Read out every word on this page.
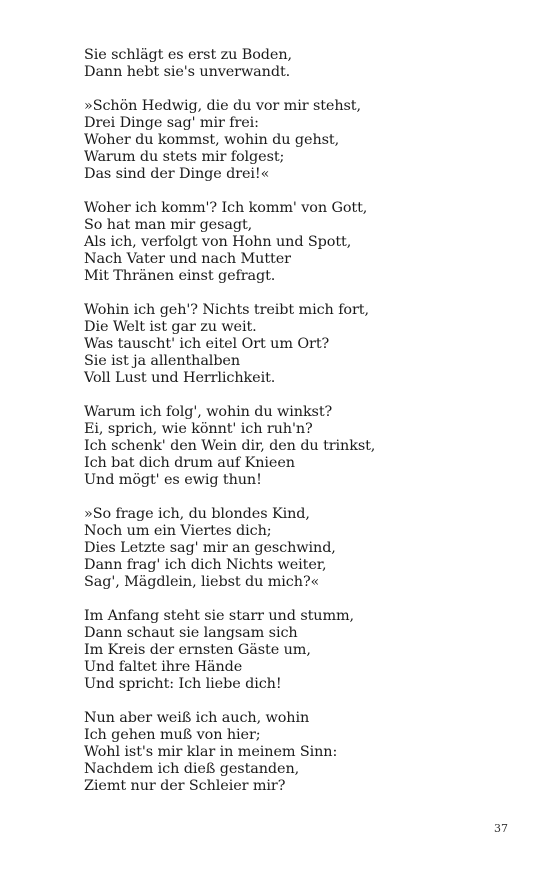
Sie schlägt es erst zu Boden,
Dann hebt sie's unverwandt.
»Schön Hedwig, die du vor mir stehst,
Drei Dinge sag' mir frei:
Woher du kommst, wohin du gehst,
Warum du stets mir folgest;
Das sind der Dinge drei!«
Woher ich komm'? Ich komm' von Gott,
So hat man mir gesagt,
Als ich, verfolgt von Hohn und Spott,
Nach Vater und nach Mutter
Mit Thränen einst gefragt.
Wohin ich geh'? Nichts treibt mich fort,
Die Welt ist gar zu weit.
Was tauscht' ich eitel Ort um Ort?
Sie ist ja allenthalben
Voll Lust und Herrlichkeit.
Warum ich folg', wohin du winkst?
Ei, sprich, wie könnt' ich ruh'n?
Ich schenk' den Wein dir, den du trinkst,
Ich bat dich drum auf Knieen
Und mögt' es ewig thun!
»So frage ich, du blondes Kind,
Noch um ein Viertes dich;
Dies Letzte sag' mir an geschwind,
Dann frag' ich dich Nichts weiter,
Sag', Mägdlein, liebst du mich?«
Im Anfang steht sie starr und stumm,
Dann schaut sie langsam sich
Im Kreis der ernsten Gäste um,
Und faltet ihre Hände
Und spricht: Ich liebe dich!
Nun aber weiß ich auch, wohin
Ich gehen muß von hier;
Wohl ist's mir klar in meinem Sinn:
Nachdem ich dieß gestanden,
Ziemt nur der Schleier mir?
37
